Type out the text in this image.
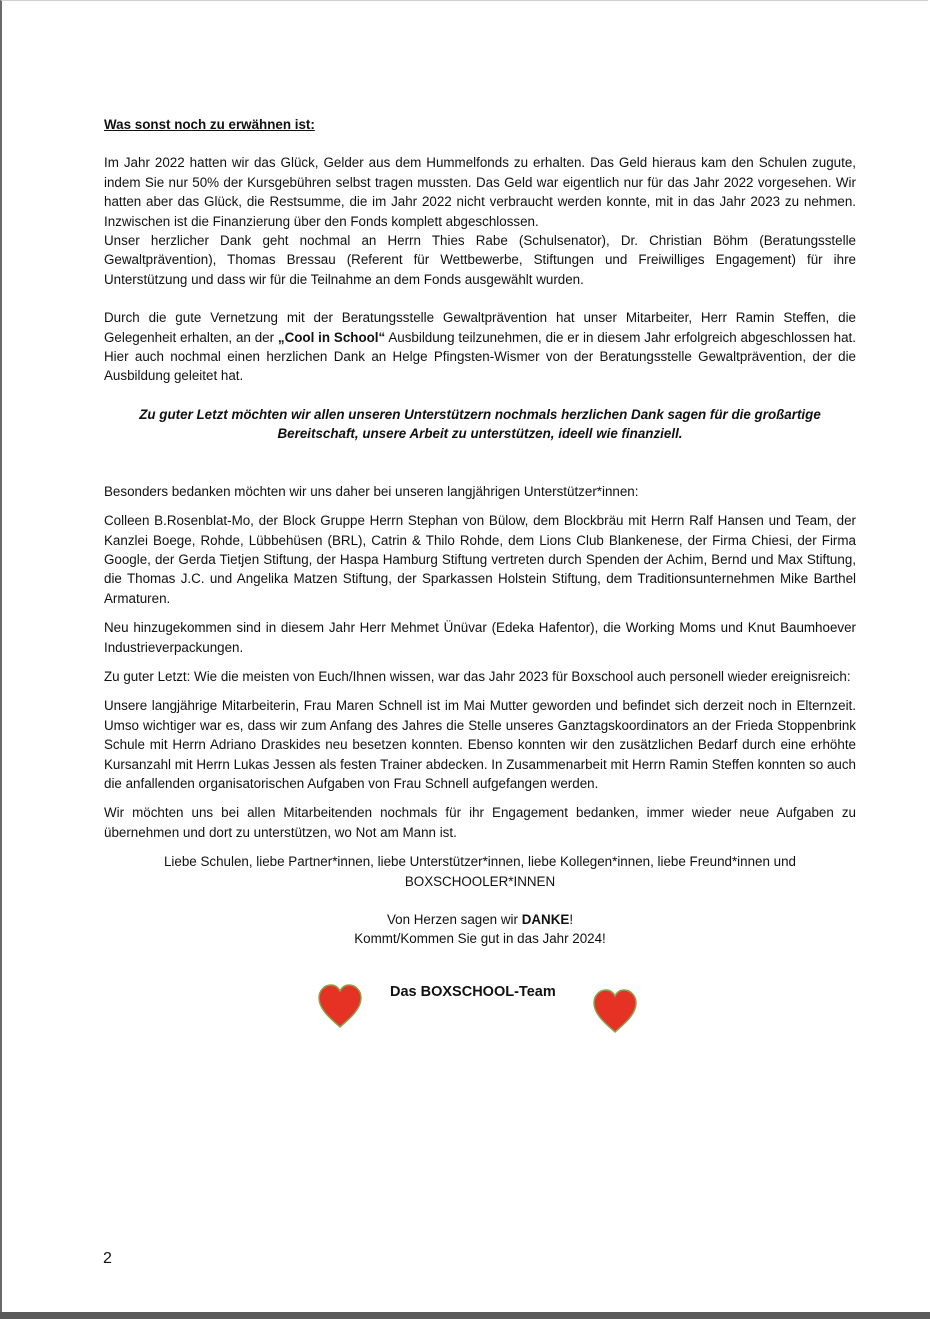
Was sonst noch zu erwähnen ist:

Im Jahr 2022 hatten wir das Glück, Gelder aus dem Hummelfonds zu erhalten. Das Geld hieraus kam den Schulen zugute, indem Sie nur 50% der Kursgebühren selbst tragen mussten. Das Geld war eigentlich nur für das Jahr 2022 vorgesehen. Wir hatten aber das Glück, die Restsumme, die im Jahr 2022 nicht verbraucht werden konnte, mit in das Jahr 2023 zu nehmen. Inzwischen ist die Finanzierung über den Fonds komplett abgeschlossen.

Unser herzlicher Dank geht nochmal an Herrn Thies Rabe (Schulsenator), Dr. Christian Böhm (Beratungsstelle Gewaltprävention), Thomas Bressau (Referent für Wettbewerbe, Stiftungen und Freiwilliges Engagement) für ihre Unterstützung und dass wir für die Teilnahme an dem Fonds ausgewählt wurden.

Durch die gute Vernetzung mit der Beratungsstelle Gewaltprävention hat unser Mitarbeiter, Herr Ramin Steffen, die Gelegenheit erhalten, an der „Cool in School“ Ausbildung teilzunehmen, die er in diesem Jahr erfolgreich abgeschlossen hat. Hier auch nochmal einen herzlichen Dank an Helge Pfingsten-Wismer von der Beratungsstelle Gewaltprävention, der die Ausbildung geleitet hat.

Zu guter Letzt möchten wir allen unseren Unterstützern nochmals herzlichen Dank sagen für die großartige Bereitschaft, unsere Arbeit zu unterstützen, ideell wie finanziell.

Besonders bedanken möchten wir uns daher bei unseren langjährigen Unterstützer*innen:

Colleen B.Rosenblat-Mo, der Block Gruppe Herrn Stephan von Bülow, dem Blockbräu mit Herrn Ralf Hansen und Team, der Kanzlei Boege, Rohde, Lübbehüsen (BRL), Catrin & Thilo Rohde, dem Lions Club Blankenese, der Firma Chiesi, der Firma Google, der Gerda Tietjen Stiftung, der Haspa Hamburg Stiftung vertreten durch Spenden der Achim, Bernd und Max Stiftung, die Thomas J.C. und Angelika Matzen Stiftung, der Sparkassen Holstein Stiftung, dem Traditionsunternehmen Mike Barthel Armaturen.

Neu hinzugekommen sind in diesem Jahr Herr Mehmet Ünüvar (Edeka Hafentor), die Working Moms und Knut Baumhoever Industrieverpackungen.

Zu guter Letzt: Wie die meisten von Euch/Ihnen wissen, war das Jahr 2023 für Boxschool auch personell wieder ereignisreich:

Unsere langjährige Mitarbeiterin, Frau Maren Schnell ist im Mai Mutter geworden und befindet sich derzeit noch in Elternzeit. Umso wichtiger war es, dass wir zum Anfang des Jahres die Stelle unseres Ganztagskoordinators an der Frieda Stoppenbrink Schule mit Herrn Adriano Draskides neu besetzen konnten. Ebenso konnten wir den zusätzlichen Bedarf durch eine erhöhte Kursanzahl mit Herrn Lukas Jessen als festen Trainer abdecken. In Zusammenarbeit mit Herrn Ramin Steffen konnten so auch die anfallenden organisatorischen Aufgaben von Frau Schnell aufgefangen werden.

Wir möchten uns bei allen Mitarbeitenden nochmals für ihr Engagement bedanken, immer wieder neue Aufgaben zu übernehmen und dort zu unterstützen, wo Not am Mann ist.

Liebe Schulen, liebe Partner*innen, liebe Unterstützer*innen, liebe Kollegen*innen, liebe Freund*innen und
BOXSCHOOLER*INNEN
Von Herzen sagen wir DANKE!
Kommt/Kommen Sie gut in das Jahr 2024!
Das BOXSCHOOL-Team
2
